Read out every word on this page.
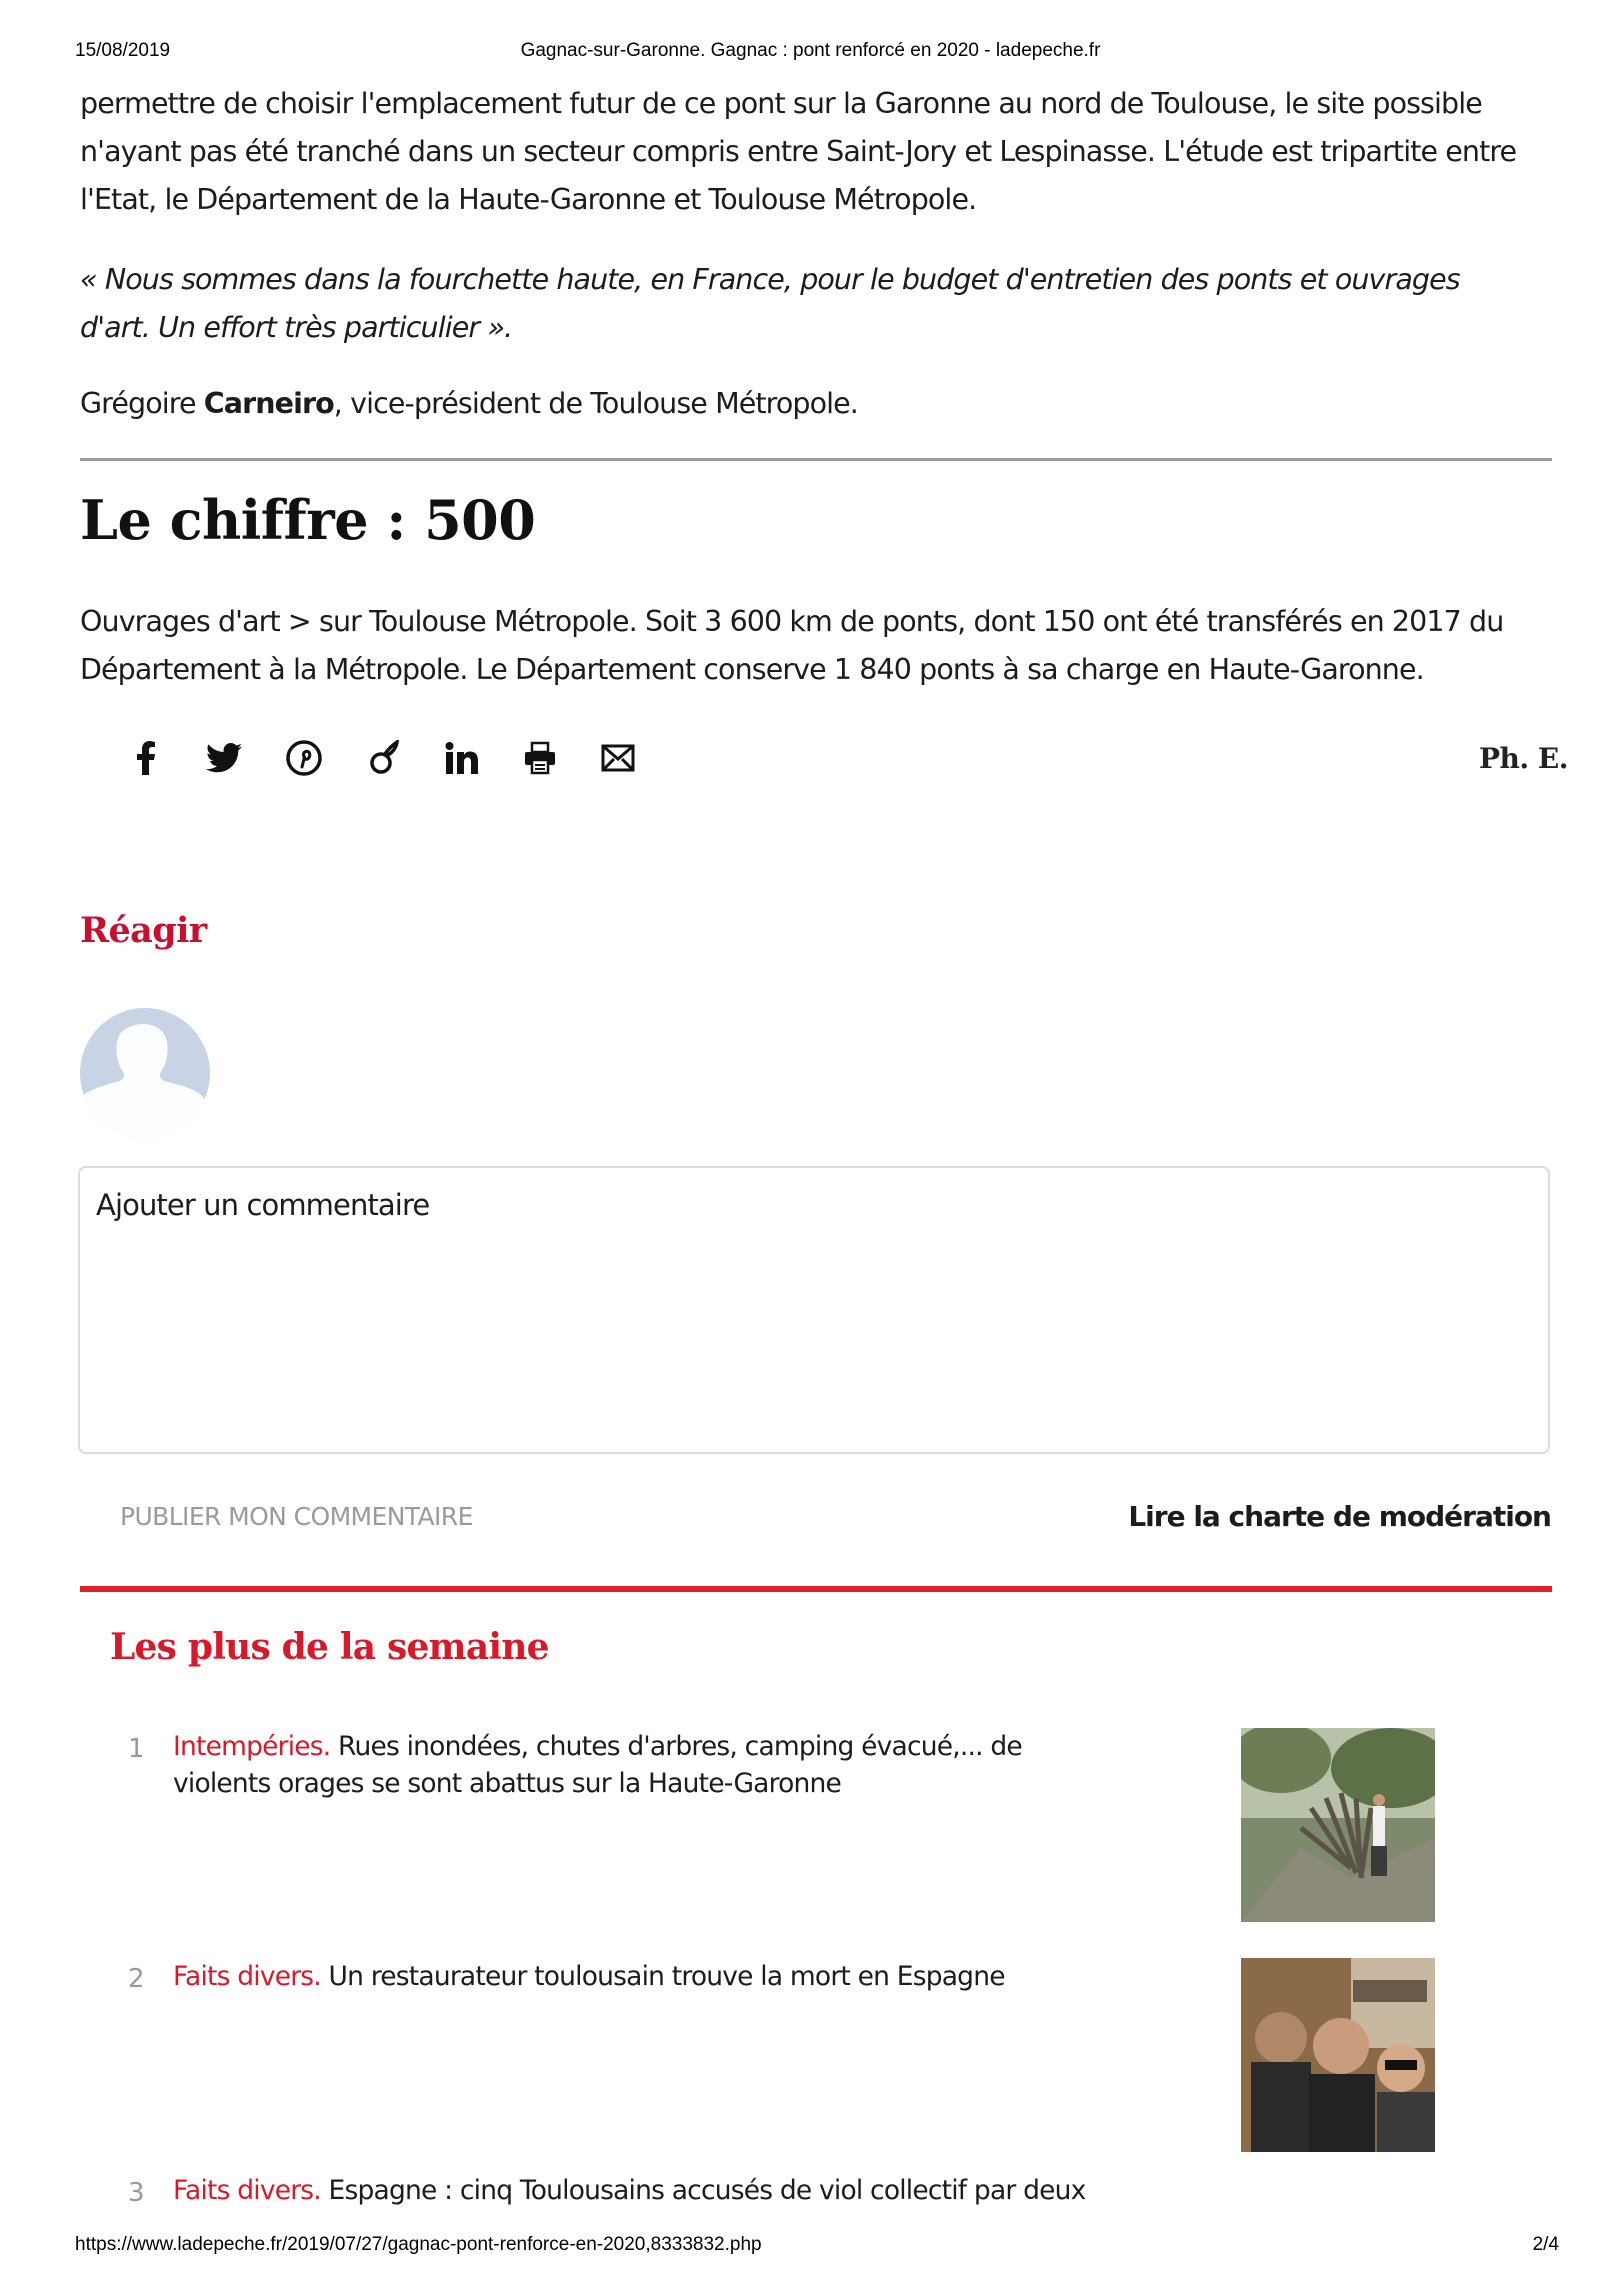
15/08/2019	Gagnac-sur-Garonne. Gagnac : pont renforcé en 2020 - ladepeche.fr

permettre de choisir l'emplacement futur de ce pont sur la Garonne au nord de Toulouse, le site possible

n'ayant pas été tranché dans un secteur compris entre Saint-Jory et Lespinasse. L'étude est tripartite entre

l'Etat, le Département de la Haute-Garonne et Toulouse Métropole.

« Nous sommes dans la fourchette haute, en France, pour le budget d'entretien des ponts et ouvrages

d'art. Un effort très particulier ».

Grégoire Carneiro, vice-président de Toulouse Métropole.

Le chiffre : 500

Ouvrages d'art > sur Toulouse Métropole. Soit 3 600 km de ponts, dont 150 ont été transférés en 2017 du

Département à la Métropole. Le Département conserve 1 840 ponts à sa charge en Haute-Garonne.

Ph. E.
Réagir
Ajouter un commentaire
PUBLIER MON COMMENTAIRE	Lire la charte de modération
Les plus de la semaine
1 Intempéries. Rues inondées, chutes d'arbres, camping évacué,... de violents orages se sont abattus sur la Haute-Garonne
2 Faits divers. Un restaurateur toulousain trouve la mort en Espagne
3 Faits divers. Espagne : cinq Toulousains accusés de viol collectif par deux
https://www.ladepeche.fr/2019/07/27/gagnac-pont-renforce-en-2020,8333832.php	2/4
